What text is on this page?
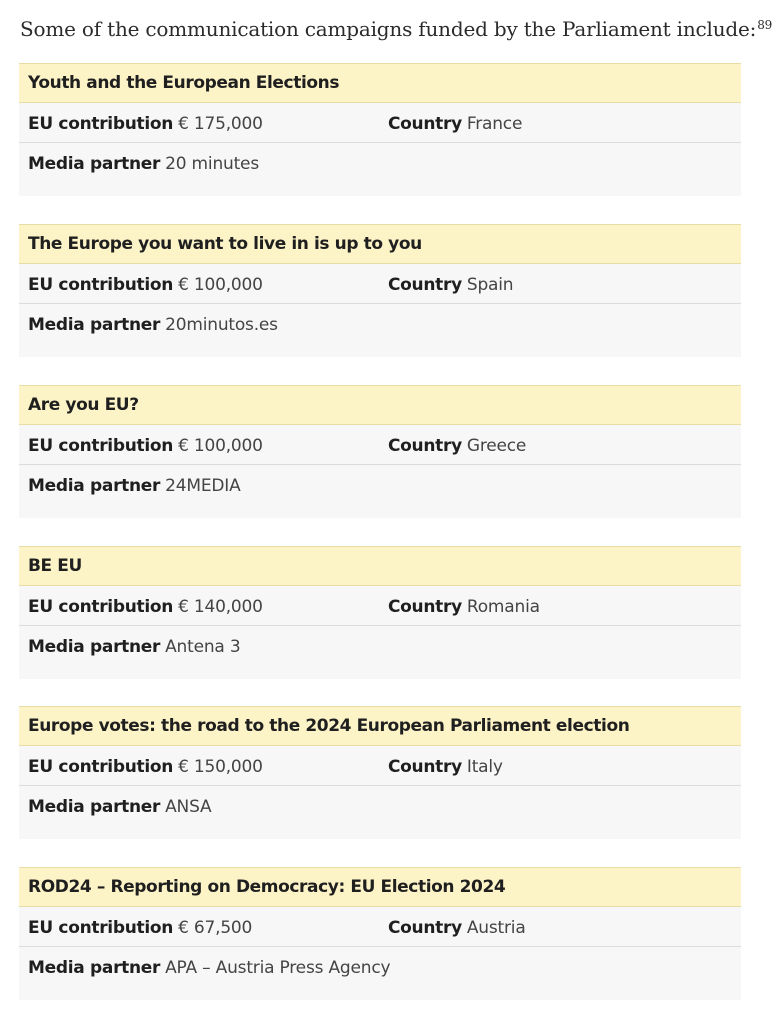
Some of the communication campaigns funded by the Parliament include:$^{89}$

Youth and the European Elections
EU contribution € 175,000	Country France
Media partner 20 minutes
The Europe you want to live in is up to you
EU contribution € 100,000	Country Spain
Media partner 20minutos.es
Are you EU?
EU contribution € 100,000	Country Greece
Media partner 24MEDIA
BE EU
EU contribution € 140,000	Country Romania
Media partner Antena 3
Europe votes: the road to the 2024 European Parliament election
EU contribution € 150,000	Country Italy
Media partner ANSA
ROD24 – Reporting on Democracy: EU Election 2024
EU contribution € 67,500	Country Austria
Media partner APA – Austria Press Agency
